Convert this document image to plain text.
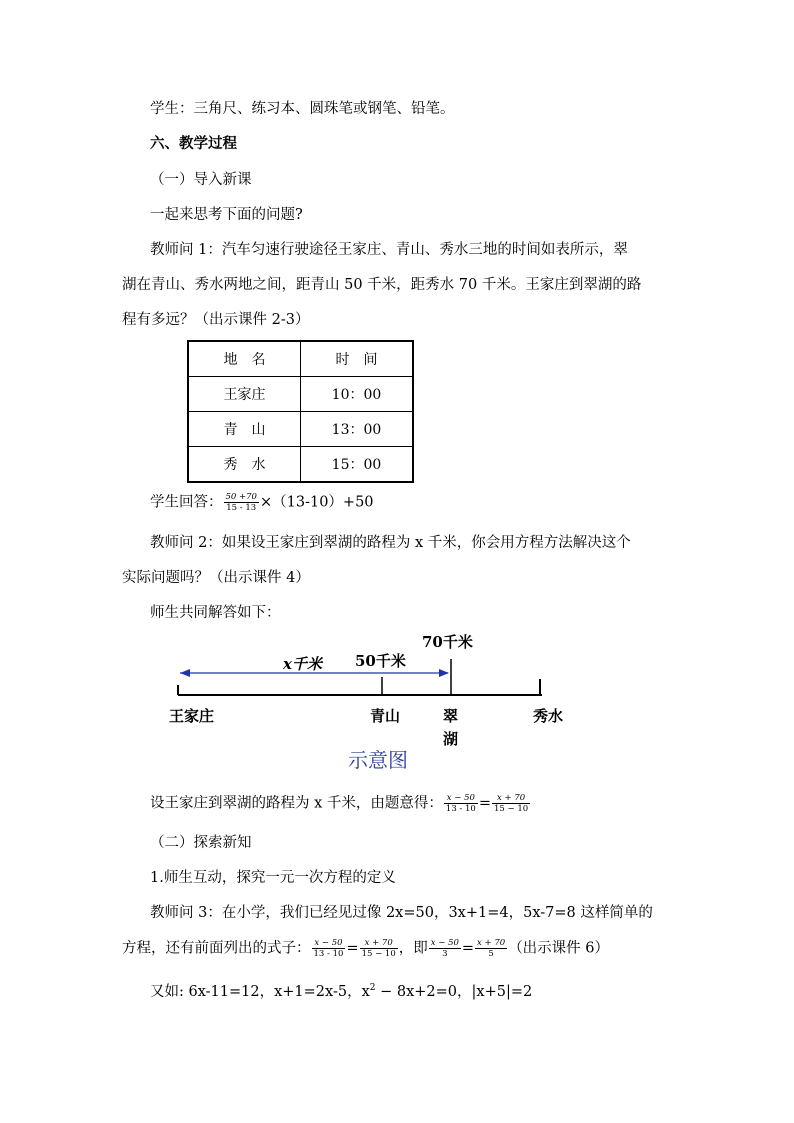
学生：三角尺、练习本、圆珠笔或钢笔、铅笔。
六、教学过程
（一）导入新课
一起来思考下面的问题?
教师问 1：汽车匀速行驶途径王家庄、青山、秀水三地的时间如表所示，翠
湖在青山、秀水两地之间，距青山 50 千米，距秀水 70 千米。王家庄到翠湖的路
程有多远？（出示课件 2-3）
地　名	时　间
王家庄	10：00
青　山	13：00
秀　水	15：00
学生回答： $\frac{50 +70}{15 - 13} \times(13-10)+50$
教师问 2：如果设王家庄到翠湖的路程为 x 千米，你会用方程方法解决这个
实际问题吗？（出示课件 4）
师生共同解答如下：
x千米 50千米
70千米
王家庄	青山	翠
湖
秀水
示意图
设王家庄到翠湖的路程为 x 千米，由题意得： $\frac{x - 50}{13 - 10} = \frac{x + 70}{15 - 10}$
（二）探索新知
1.师生互动，探究一元一次方程的定义
教师问 3：在小学，我们已经见过像 2x=50，3x+1=4，5x-7=8 这样简单的
方程，还有前面列出的式子： $\frac{x - 50}{13 - 10} = \frac{x + 70}{15 - 10}$ ，即 $\frac{x - 50}{3} = \frac{x + 70}{5}$ （出示课件 6）
又如: 6x-11=12，x+1=2x-5，$x^2 - 8x+2=0$，|x+5|=2
